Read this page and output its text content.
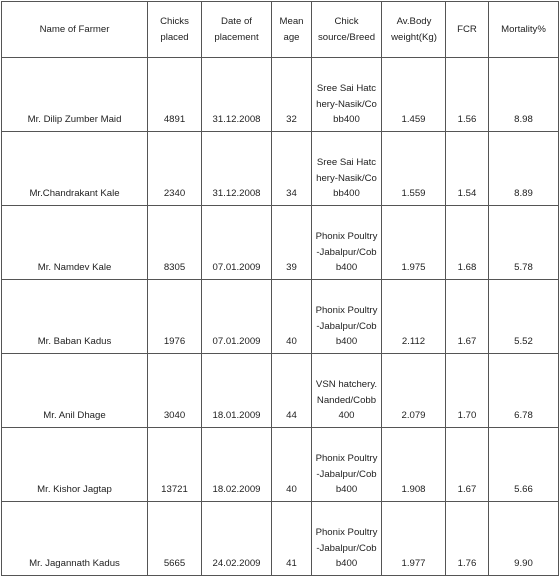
Name of Farmer	Chicks placed	Date of placement	Mean age	Chick source/Breed	Av.Body weight(Kg)	FCR	Mortality%
Mr. Dilip Zumber Maid	4891	31.12.2008	32	Sree Sai Hatchery-Nasik/Cobb400	1.459	1.56	8.98
Mr.Chandrakant Kale	2340	31.12.2008	34	Sree Sai Hatchery-Nasik/Cobb400	1.559	1.54	8.89
Mr. Namdev Kale	8305	07.01.2009	39	Phonix Poultry-Jabalpur/Cobb400	1.975	1.68	5.78
Mr. Baban Kadus	1976	07.01.2009	40	Phonix Poultry-Jabalpur/Cobb400	2.112	1.67	5.52
Mr. Anil Dhage	3040	18.01.2009	44	VSN hatchery. Nanded/Cobb400	2.079	1.70	6.78
Mr. Kishor Jagtap	13721	18.02.2009	40	Phonix Poultry-Jabalpur/Cobb400	1.908	1.67	5.66
Mr. Jagannath Kadus	5665	24.02.2009	41	Phonix Poultry-Jabalpur/Cobb400	1.977	1.76	9.90
